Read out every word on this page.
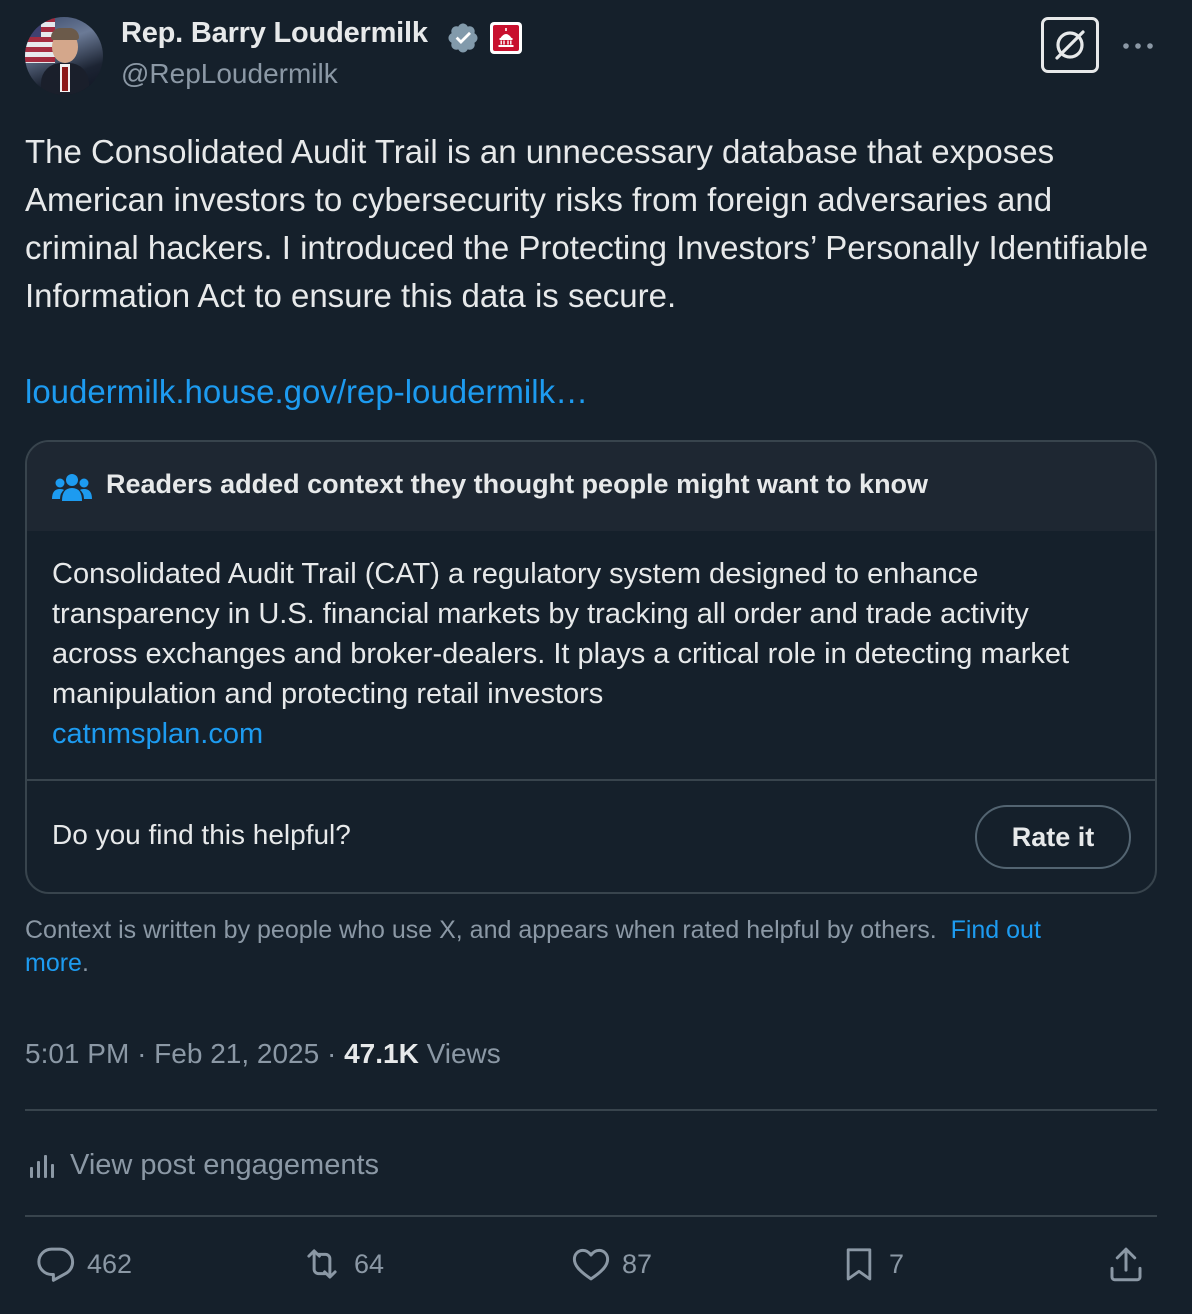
Rep. Barry Loudermilk
@RepLoudermilk

The Consolidated Audit Trail is an unnecessary database that exposes American investors to cybersecurity risks from foreign adversaries and criminal hackers. I introduced the Protecting Investors’ Personally Identifiable Information Act to ensure this data is secure.

loudermilk.house.gov/rep-loudermilk…
Readers added context they thought people might want to know

Consolidated Audit Trail (CAT) a regulatory system designed to enhance transparency in U.S. financial markets by tracking all order and trade activity across exchanges and broker-dealers. It plays a critical role in detecting market manipulation and protecting retail investors

catnmsplan.com
Do you find this helpful?	Rate it

Context is written by people who use X, and appears when rated helpful by others. Find out
more.

5:01 PM · Feb 21, 2025 · 47.1K Views
View post engagements
462	64	87	7
